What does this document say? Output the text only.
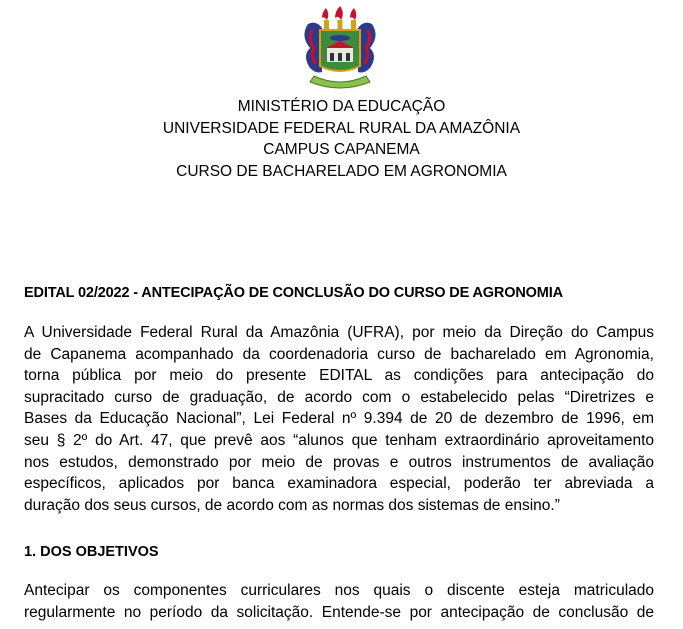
MINISTÉRIO DA EDUCAÇÃO
UNIVERSIDADE FEDERAL RURAL DA AMAZÔNIA
CAMPUS CAPANEMA
CURSO DE BACHARELADO EM AGRONOMIA
EDITAL 02/2022 - ANTECIPAÇÃO DE CONCLUSÃO DO CURSO DE AGRONOMIA
A Universidade Federal Rural da Amazônia (UFRA), por meio da Direção do Campus
de Capanema acompanhado da coordenadoria curso de bacharelado em Agronomia,
torna pública por meio do presente EDITAL as condições para antecipação do
supracitado curso de graduação, de acordo com o estabelecido pelas “Diretrizes e
Bases da Educação Nacional”, Lei Federal nº 9.394 de 20 de dezembro de 1996, em
seu § 2º do Art. 47, que prevê aos “alunos que tenham extraordinário aproveitamento
nos estudos, demonstrado por meio de provas e outros instrumentos de avaliação
específicos, aplicados por banca examinadora especial, poderão ter abreviada a
duração dos seus cursos, de acordo com as normas dos sistemas de ensino.”
1. DOS OBJETIVOS
Antecipar os componentes curriculares nos quais o discente esteja matriculado
regularmente no período da solicitação. Entende-se por antecipação de conclusão de
